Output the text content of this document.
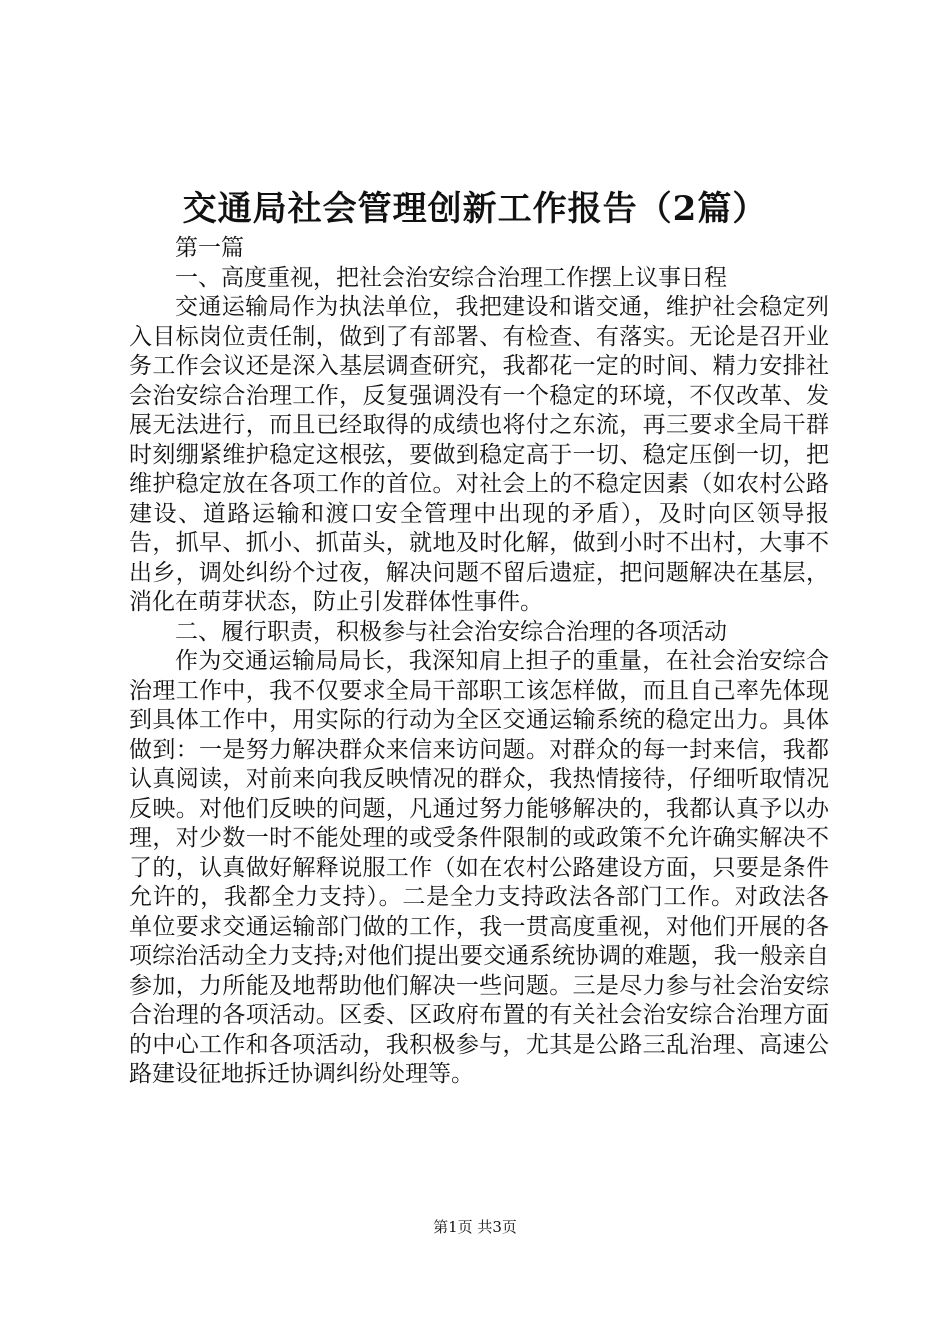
交通局社会管理创新工作报告（2篇）

第一篇

一、高度重视，把社会治安综合治理工作摆上议事日程

交通运输局作为执法单位，我把建设和谐交通，维护社会稳定列入目标岗位责任制，做到了有部署、有检查、有落实。无论是召开业务工作会议还是深入基层调查研究，我都花一定的时间、精力安排社会治安综合治理工作，反复强调没有一个稳定的环境，不仅改革、发展无法进行，而且已经取得的成绩也将付之东流，再三要求全局干群时刻绷紧维护稳定这根弦，要做到稳定高于一切、稳定压倒一切，把维护稳定放在各项工作的首位。对社会上的不稳定因素（如农村公路建设、道路运输和渡口安全管理中出现的矛盾），及时向区领导报告，抓早、抓小、抓苗头，就地及时化解，做到小时不出村，大事不出乡，调处纠纷个过夜，解决问题不留后遗症，把问题解决在基层，消化在萌芽状态，防止引发群体性事件。

二、履行职责，积极参与社会治安综合治理的各项活动

作为交通运输局局长，我深知肩上担子的重量，在社会治安综合治理工作中，我不仅要求全局干部职工该怎样做，而且自己率先体现到具体工作中，用实际的行动为全区交通运输系统的稳定出力。具体做到：一是努力解决群众来信来访问题。对群众的每一封来信，我都认真阅读，对前来向我反映情况的群众，我热情接待，仔细听取情况反映。对他们反映的问题，凡通过努力能够解决的，我都认真予以办理，对少数一时不能处理的或受条件限制的或政策不允许确实解决不了的，认真做好解释说服工作（如在农村公路建设方面，只要是条件允许的，我都全力支持）。二是全力支持政法各部门工作。对政法各单位要求交通运输部门做的工作，我一贯高度重视，对他们开展的各项综治活动全力支持;对他们提出要交通系统协调的难题，我一般亲自参加，力所能及地帮助他们解决一些问题。三是尽力参与社会治安综合治理的各项活动。区委、区政府布置的有关社会治安综合治理方面的中心工作和各项活动，我积极参与，尤其是公路三乱治理、高速公路建设征地拆迁协调纠纷处理等。

第1页 共3页
